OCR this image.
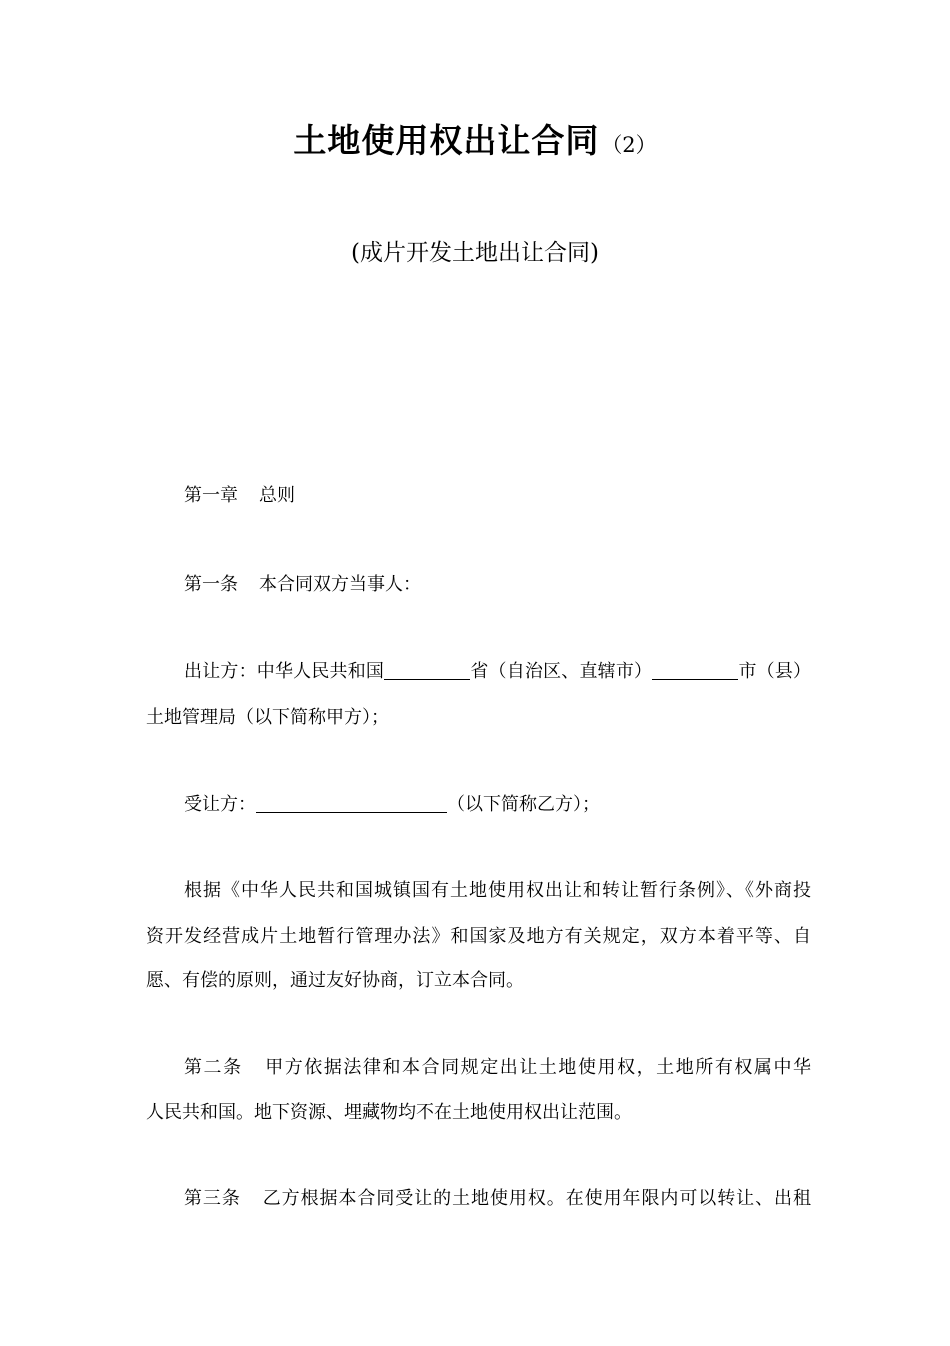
土地使用权出让合同（2）
(成片开发土地出让合同)
第一章 总则
第一条 本合同双方当事人：
出让方：中华人民共和国	省（自治区、直辖市）	市（县）
土地管理局（以下简称甲方）；
受让方：	（以下简称乙方）；
根据《中华人民共和国城镇国有土地使用权出让和转让暂行条例》、《外商投
资开发经营成片土地暂行管理办法》和国家及地方有关规定，双方本着平等、自
愿、有偿的原则，通过友好协商，订立本合同。
第二条 甲方依据法律和本合同规定出让土地使用权，土地所有权属中华
人民共和国。地下资源、埋藏物均不在土地使用权出让范围。
第三条 乙方根据本合同受让的土地使用权。在使用年限内可以转让、出租
